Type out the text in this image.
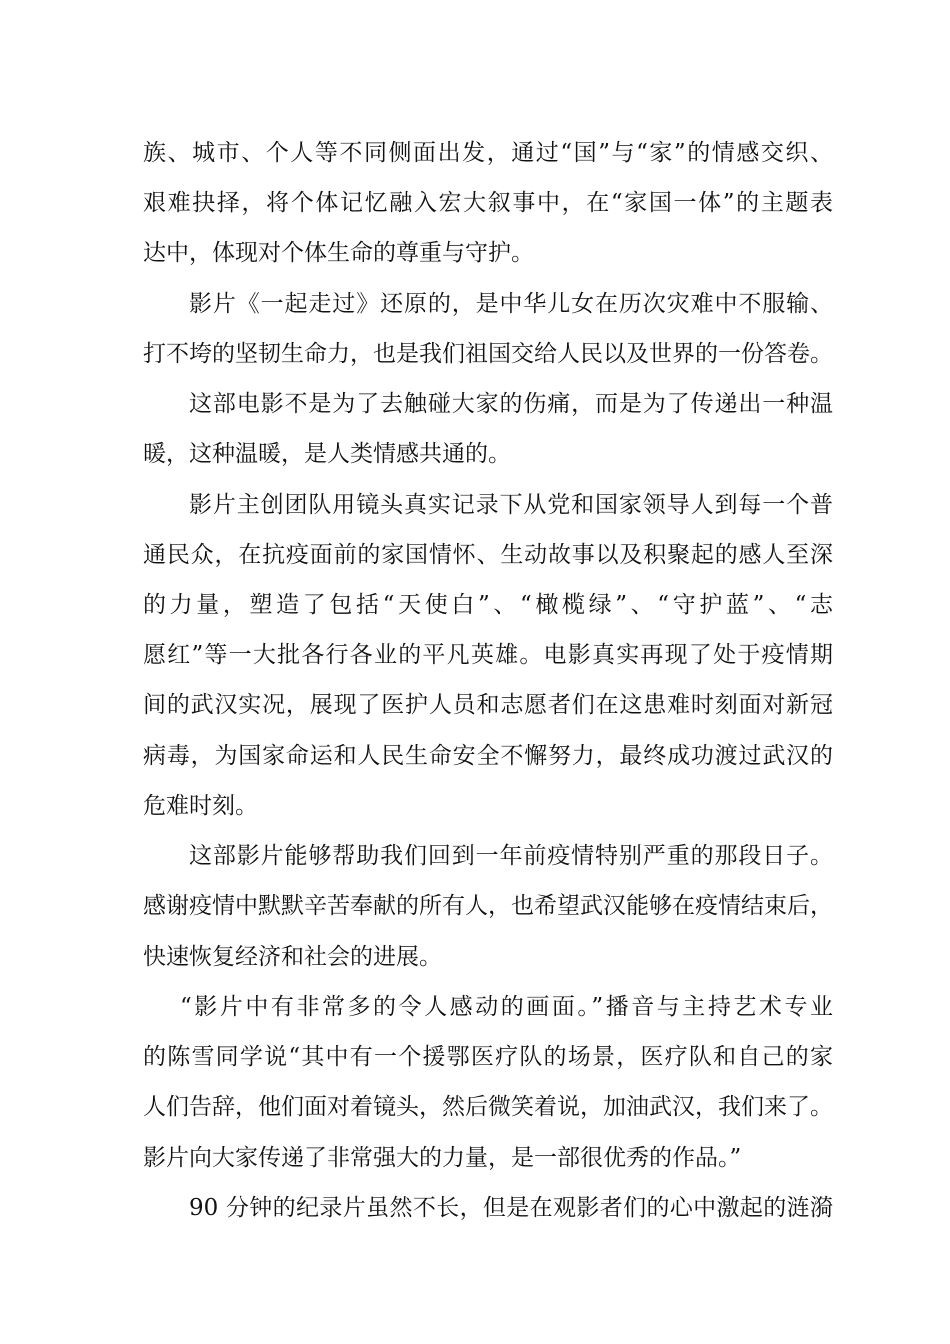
族、城市、个人等不同侧面出发，通过“国”与“家”的情感交织、
艰难抉择，将个体记忆融入宏大叙事中，在“家国一体”的主题表
达中，体现对个体生命的尊重与守护。
影片《一起走过》还原的，是中华儿女在历次灾难中不服输、
打不垮的坚韧生命力，也是我们祖国交给人民以及世界的一份答卷。
这部电影不是为了去触碰大家的伤痛，而是为了传递出一种温
暖，这种温暖，是人类情感共通的。
影片主创团队用镜头真实记录下从党和国家领导人到每一个普
通民众，在抗疫面前的家国情怀、生动故事以及积聚起的感人至深
的力量，塑造了包括“天使白”、“橄榄绿”、“守护蓝”、“志
愿红”等一大批各行各业的平凡英雄。电影真实再现了处于疫情期
间的武汉实况，展现了医护人员和志愿者们在这患难时刻面对新冠
病毒，为国家命运和人民生命安全不懈努力，最终成功渡过武汉的
危难时刻。
这部影片能够帮助我们回到一年前疫情特别严重的那段日子。
感谢疫情中默默辛苦奉献的所有人，也希望武汉能够在疫情结束后，
快速恢复经济和社会的进展。
“影片中有非常多的令人感动的画面。”播音与主持艺术专业
的陈雪同学说“其中有一个援鄂医疗队的场景，医疗队和自己的家
人们告辞，他们面对着镜头，然后微笑着说，加油武汉，我们来了。
影片向大家传递了非常强大的力量，是一部很优秀的作品。”
90 分钟的纪录片虽然不长，但是在观影者们的心中激起的涟漪
